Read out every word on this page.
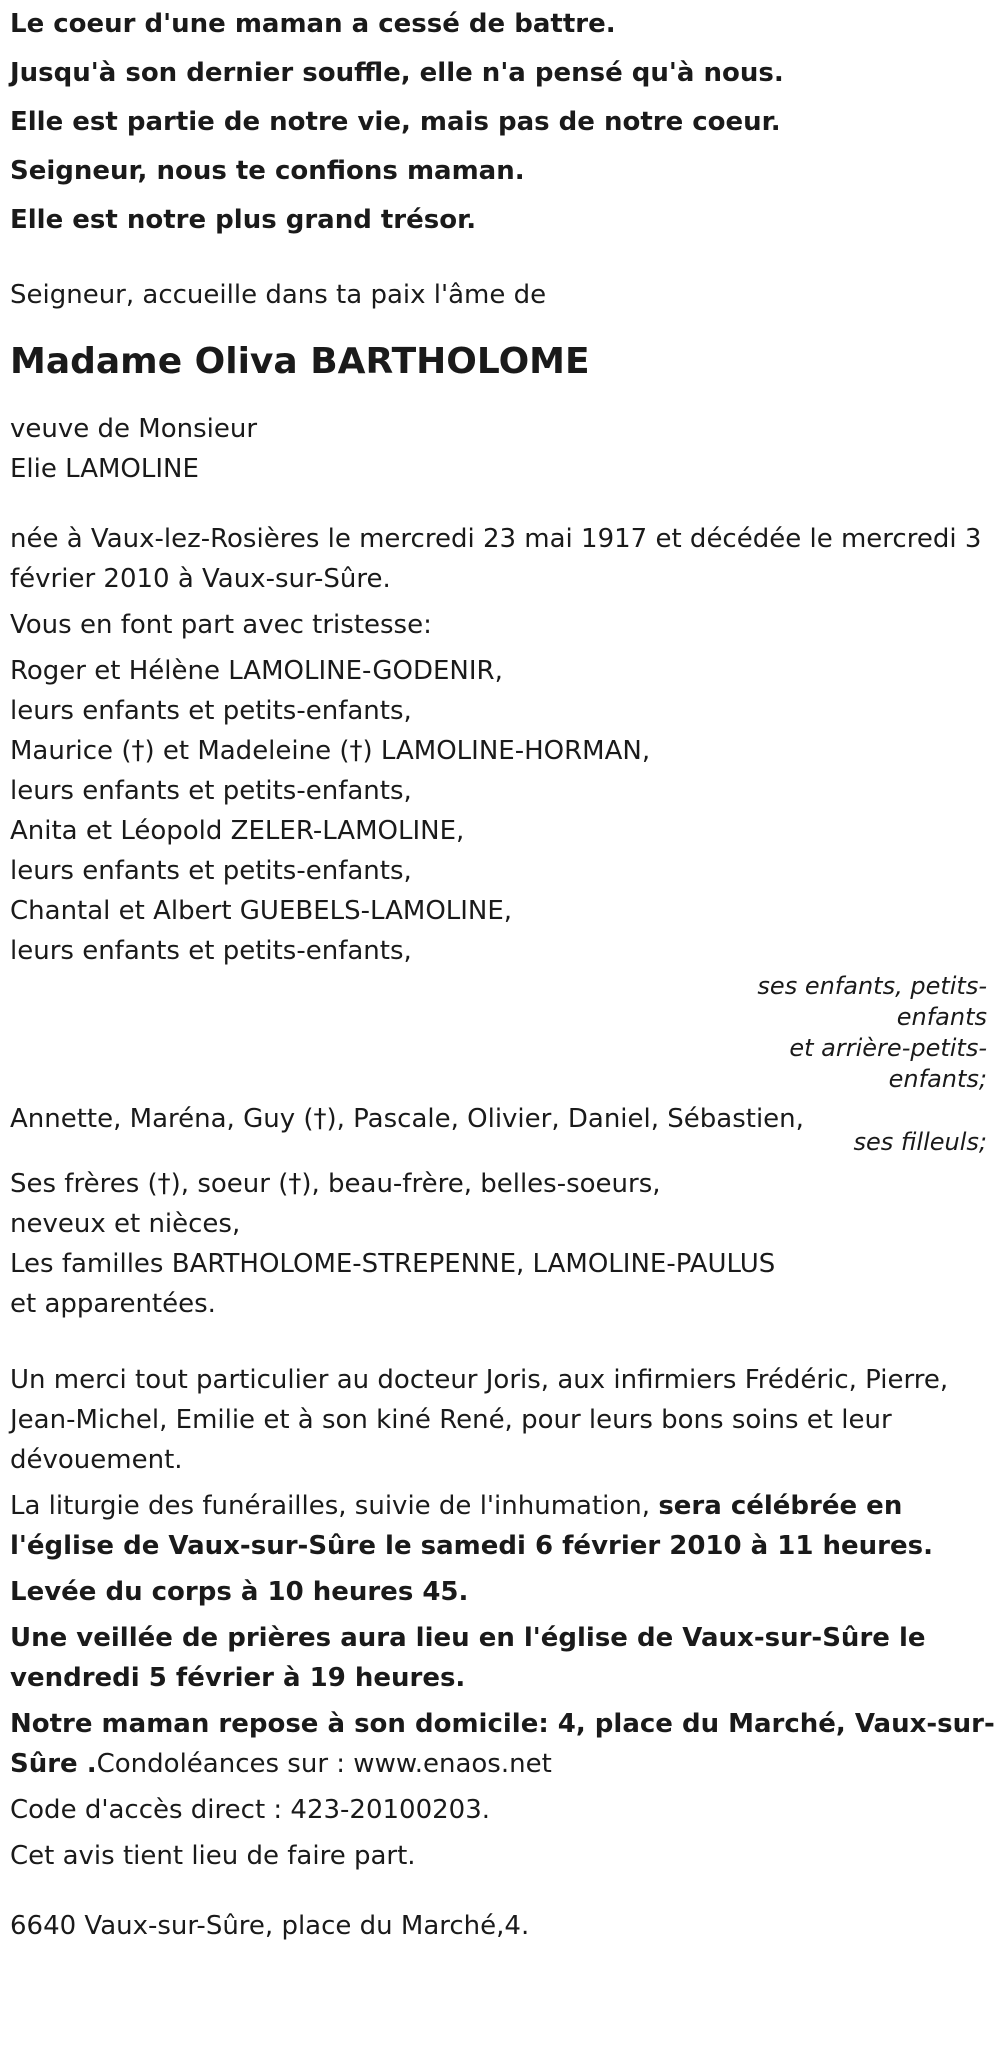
Le coeur d'une maman a cessé de battre.
Jusqu'à son dernier souffle, elle n'a pensé qu'à nous.
Elle est partie de notre vie, mais pas de notre coeur.
Seigneur, nous te confions maman.
Elle est notre plus grand trésor.
Seigneur, accueille dans ta paix l'âme de
Madame Oliva BARTHOLOME
veuve de Monsieur
Elie LAMOLINE
née à Vaux-lez-Rosières le mercredi 23 mai 1917 et décédée le mercredi 3 février 2010 à Vaux-sur-Sûre.
Vous en font part avec tristesse:
Roger et Hélène LAMOLINE-GODENIR,
leurs enfants et petits-enfants,
Maurice (†) et Madeleine (†) LAMOLINE-HORMAN,
leurs enfants et petits-enfants,
Anita et Léopold ZELER-LAMOLINE,
leurs enfants et petits-enfants,
Chantal et Albert GUEBELS-LAMOLINE,
leurs enfants et petits-enfants,
ses enfants, petits-
enfants
et arrière-petits-
enfants;
Annette, Maréna, Guy (†), Pascale, Olivier, Daniel, Sébastien,
ses filleuls;
Ses frères (†), soeur (†), beau-frère, belles-soeurs,
neveux et nièces,
Les familles BARTHOLOME-STREPENNE, LAMOLINE-PAULUS
et apparentées.
Un merci tout particulier au docteur Joris, aux infirmiers Frédéric, Pierre, Jean-Michel, Emilie et à son kiné René, pour leurs bons soins et leur dévouement.
La liturgie des funérailles, suivie de l'inhumation, sera célébrée en l'église de Vaux-sur-Sûre le samedi 6 février 2010 à 11 heures.
Levée du corps à 10 heures 45.
Une veillée de prières aura lieu en l'église de Vaux-sur-Sûre le vendredi 5 février à 19 heures.
Notre maman repose à son domicile: 4, place du Marché, Vaux-sur-Sûre .Condoléances sur : www.enaos.net
Code d'accès direct : 423-20100203.
Cet avis tient lieu de faire part.
6640 Vaux-sur-Sûre, place du Marché,4.
